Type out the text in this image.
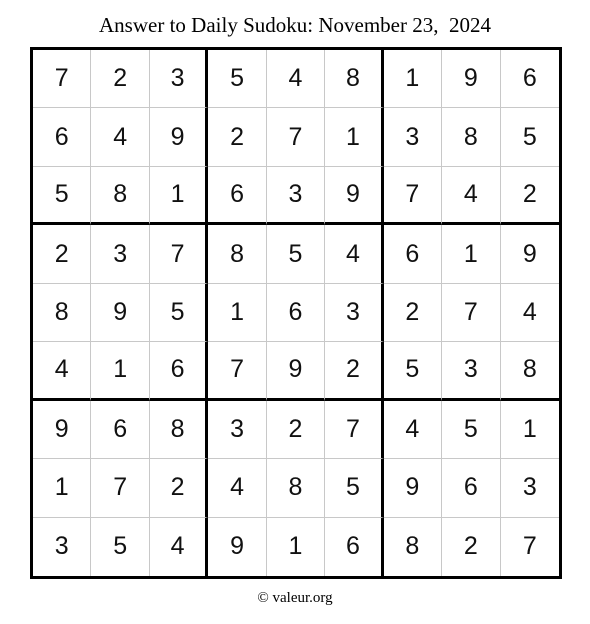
Answer to Daily Sudoku: November 23,  2024
7	2	3	5	4	8	1	9	6
6	4	9	2	7	1	3	8	5
5	8	1	6	3	9	7	4	2
2	3	7	8	5	4	6	1	9
8	9	5	1	6	3	2	7	4
4	1	6	7	9	2	5	3	8
9	6	8	3	2	7	4	5	1
1	7	2	4	8	5	9	6	3
3	5	4	9	1	6	8	2	7
© valeur.org
